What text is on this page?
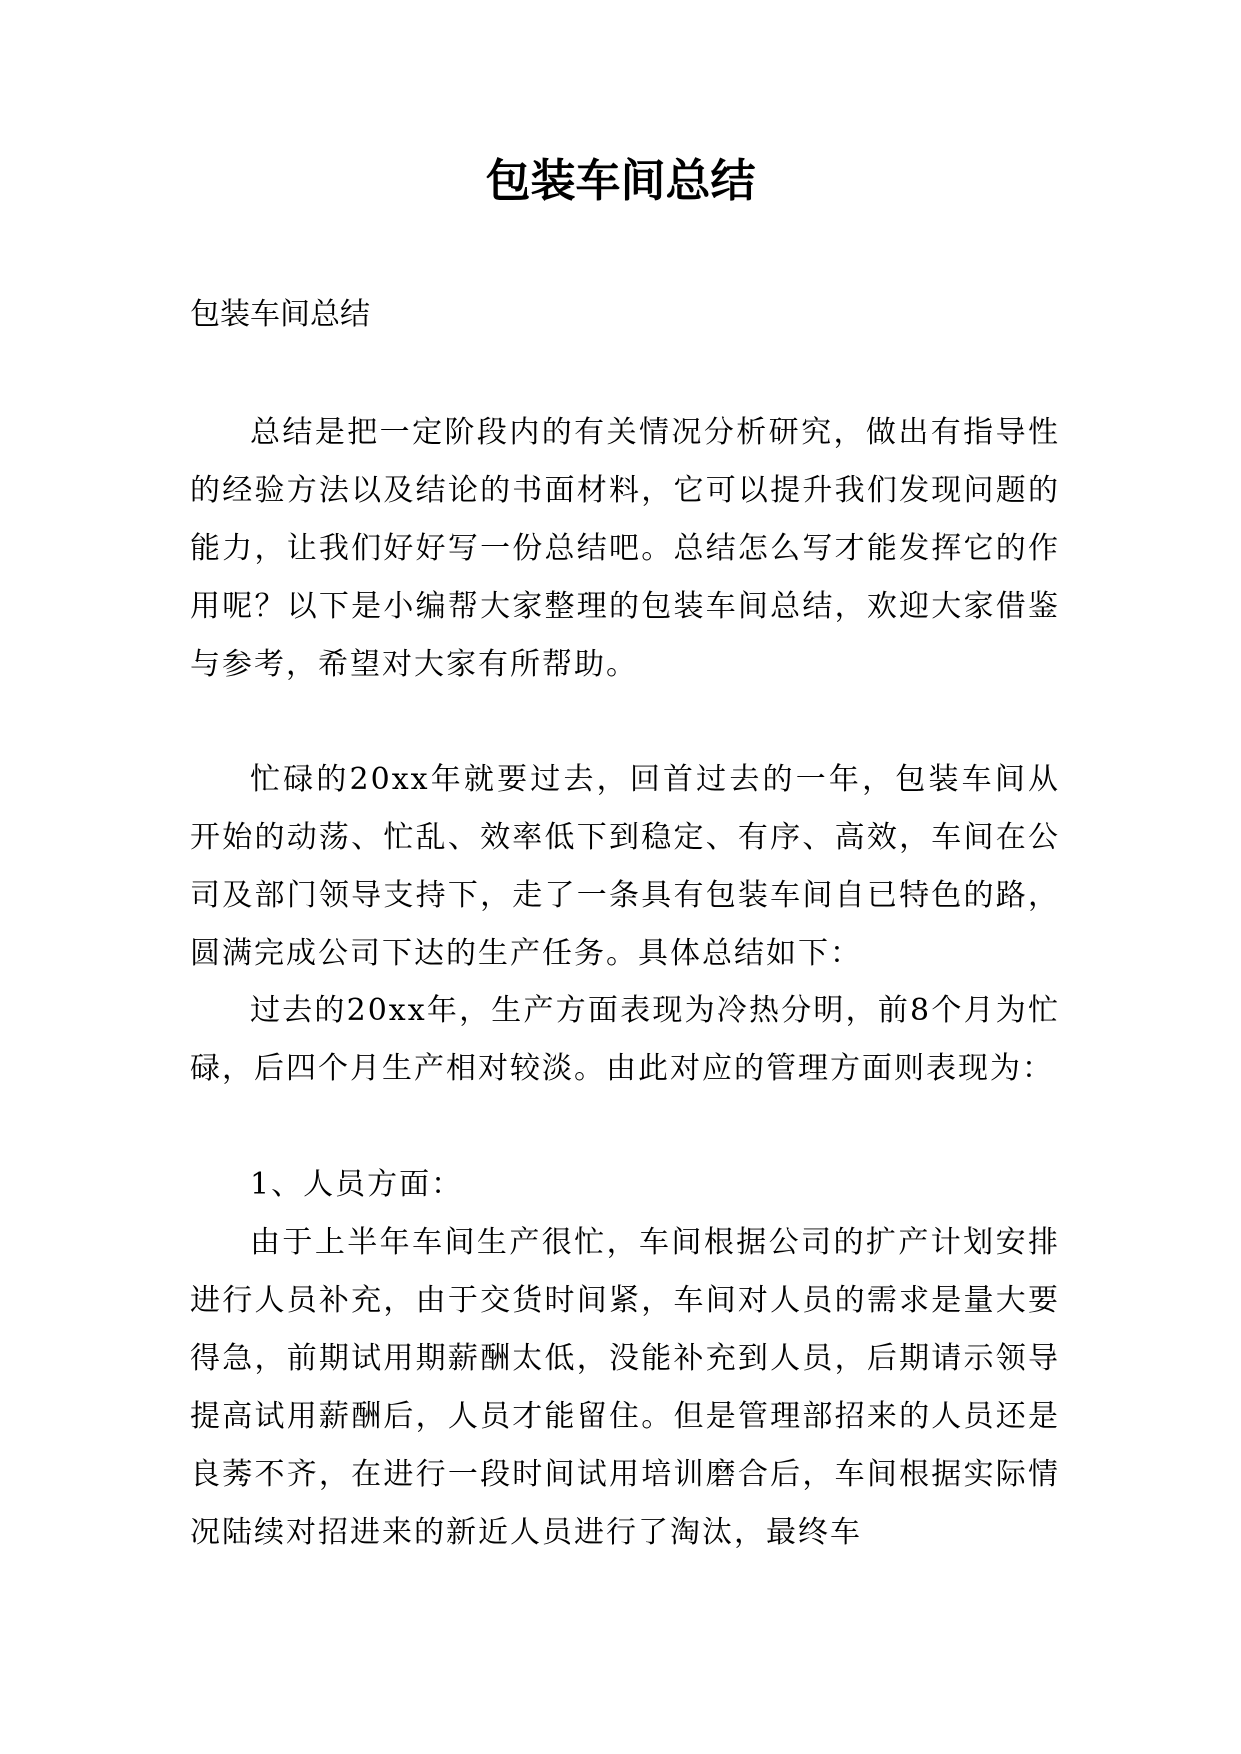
包装车间总结

包装车间总结

总结是把一定阶段内的有关情况分析研究，做出有指导性的经验方法以及结论的书面材料，它可以提升我们发现问题的能力，让我们好好写一份总结吧。总结怎么写才能发挥它的作用呢？以下是小编帮大家整理的包装车间总结，欢迎大家借鉴与参考，希望对大家有所帮助。

忙碌的20xx年就要过去，回首过去的一年，包装车间从开始的动荡、忙乱、效率低下到稳定、有序、高效，车间在公司及部门领导支持下，走了一条具有包装车间自已特色的路，圆满完成公司下达的生产任务。具体总结如下：

过去的20xx年，生产方面表现为冷热分明，前8个月为忙碌，后四个月生产相对较淡。由此对应的管理方面则表现为：

1、人员方面：

由于上半年车间生产很忙，车间根据公司的扩产计划安排进行人员补充，由于交货时间紧，车间对人员的需求是量大要得急，前期试用期薪酬太低，没能补充到人员，后期请示领导提高试用薪酬后，人员才能留住。但是管理部招来的人员还是良莠不齐，在进行一段时间试用培训磨合后，车间根据实际情况陆续对招进来的新近人员进行了淘汰，最终车
